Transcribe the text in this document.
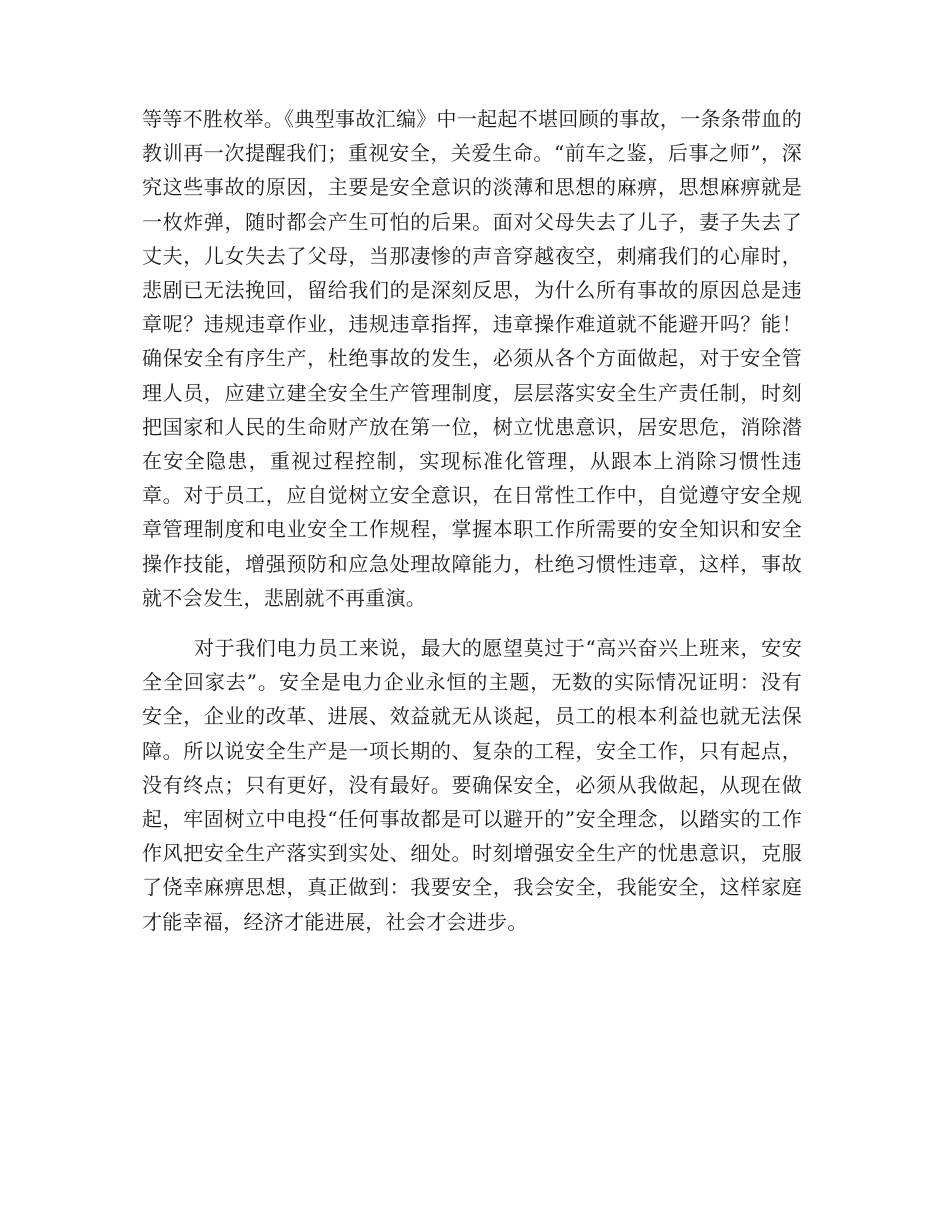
等等不胜枚举。《典型事故汇编》中一起起不堪回顾的事故，一条条带血的教训再一次提醒我们；重视安全，关爱生命。“前车之鉴，后事之师”，深究这些事故的原因，主要是安全意识的淡薄和思想的麻痹，思想麻痹就是一枚炸弹，随时都会产生可怕的后果。面对父母失去了儿子，妻子失去了丈夫，儿女失去了父母，当那凄惨的声音穿越夜空，刺痛我们的心扉时，悲剧已无法挽回，留给我们的是深刻反思，为什么所有事故的原因总是违章呢？违规违章作业，违规违章指挥，违章操作难道就不能避开吗？能！确保安全有序生产，杜绝事故的发生，必须从各个方面做起，对于安全管理人员，应建立建全安全生产管理制度，层层落实安全生产责任制，时刻把国家和人民的生命财产放在第一位，树立忧患意识，居安思危，消除潜在安全隐患，重视过程控制，实现标准化管理，从跟本上消除习惯性违章。对于员工，应自觉树立安全意识，在日常性工作中，自觉遵守安全规章管理制度和电业安全工作规程，掌握本职工作所需要的安全知识和安全操作技能，增强预防和应急处理故障能力，杜绝习惯性违章，这样，事故就不会发生，悲剧就不再重演。

对于我们电力员工来说，最大的愿望莫过于“高兴奋兴上班来，安安全全回家去”。安全是电力企业永恒的主题，无数的实际情况证明：没有安全，企业的改革、进展、效益就无从谈起，员工的根本利益也就无法保障。所以说安全生产是一项长期的、复杂的工程，安全工作，只有起点，没有终点；只有更好，没有最好。要确保安全，必须从我做起，从现在做起，牢固树立中电投“任何事故都是可以避开的”安全理念，以踏实的工作作风把安全生产落实到实处、细处。时刻增强安全生产的忧患意识，克服了侥幸麻痹思想，真正做到：我要安全，我会安全，我能安全，这样家庭才能幸福，经济才能进展，社会才会进步。
